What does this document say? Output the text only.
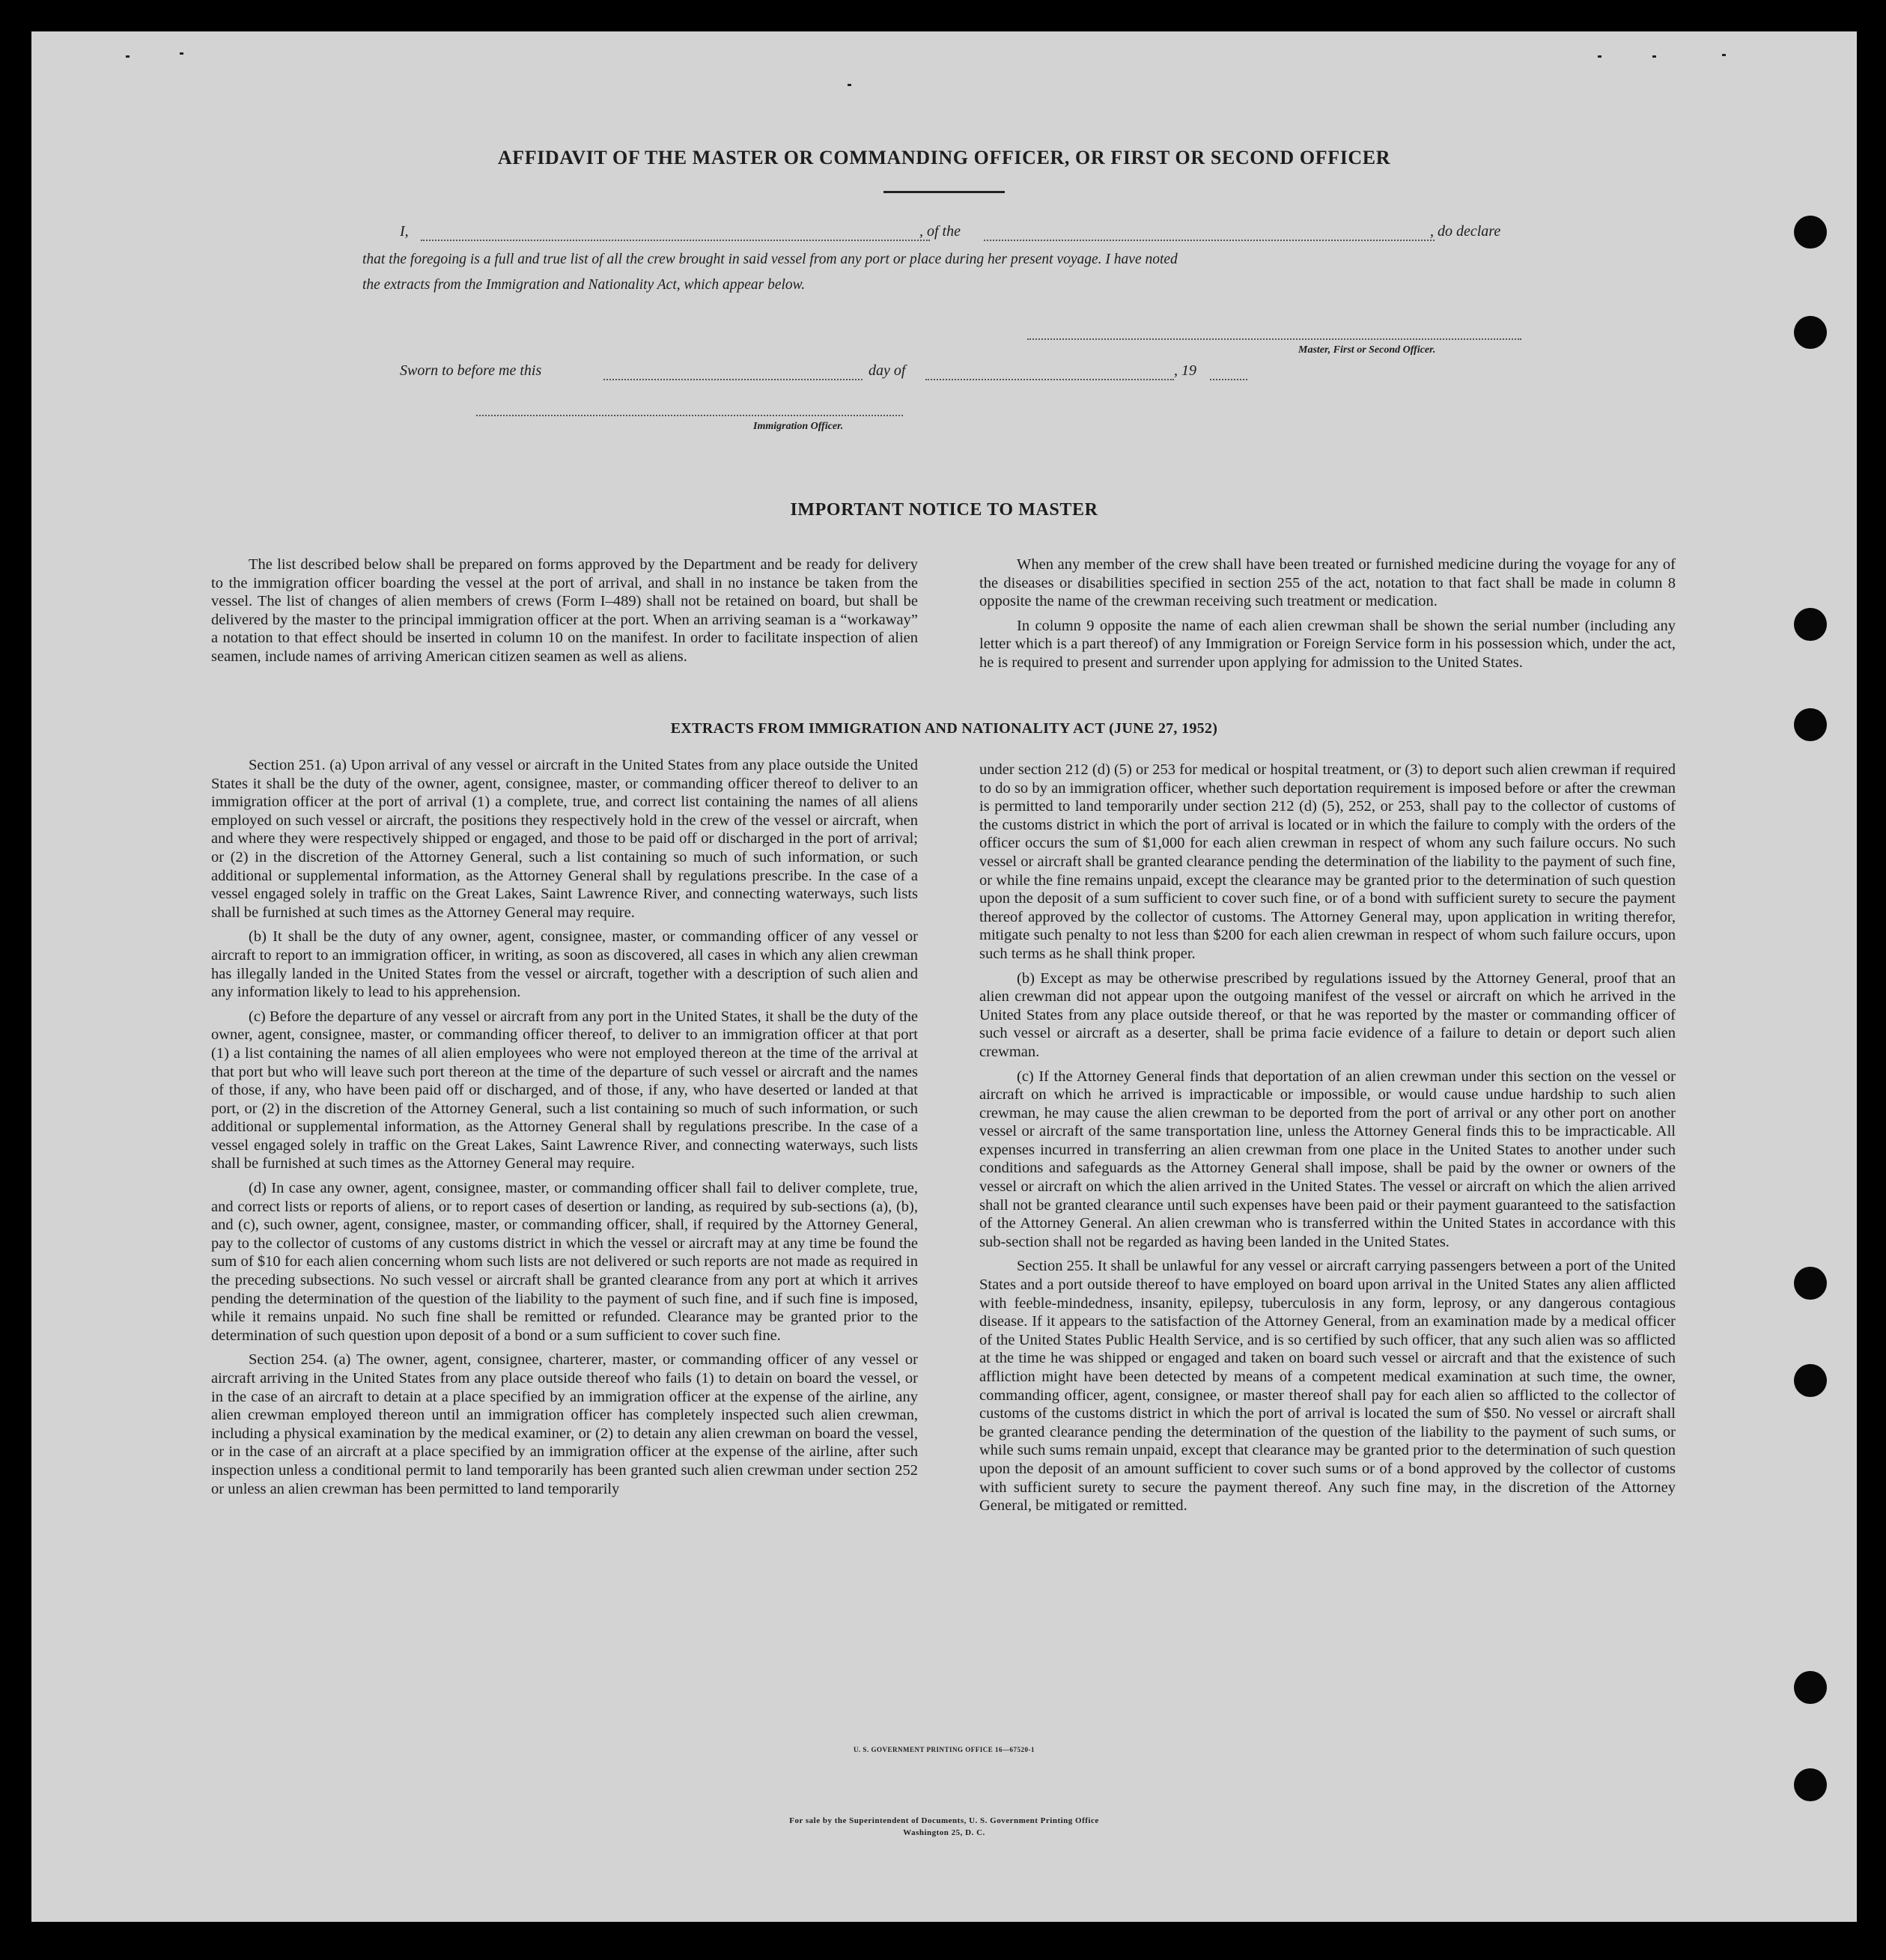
AFFIDAVIT OF THE MASTER OR COMMANDING OFFICER, OR FIRST OR SECOND OFFICER
I,	, of the	, do declare
that the foregoing is a full and true list of all the crew brought in said vessel from any port or place during her present voyage. I have noted
the extracts from the Immigration and Nationality Act, which appear below.
Master, First or Second Officer.
Sworn to before me this	day of	, 19
Immigration Officer.
IMPORTANT NOTICE TO MASTER

The list described below shall be prepared on forms approved by the Department and be ready for delivery to the immigration officer boarding the vessel at the port of arrival, and shall in no instance be taken from the vessel. The list of changes of alien members of crews (Form I–489) shall not be retained on board, but shall be delivered by the master to the principal immigration officer at the port. When an arriving seaman is a “workaway” a notation to that effect should be inserted in column 10 on the manifest. In order to facilitate inspection of alien seamen, include names of arriving American citizen seamen as well as aliens.

When any member of the crew shall have been treated or furnished medicine during the voyage for any of the diseases or disabilities specified in section 255 of the act, notation to that fact shall be made in column 8 opposite the name of the crewman receiving such treatment or medication.

In column 9 opposite the name of each alien crewman shall be shown the serial number (including any letter which is a part thereof) of any Immigration or Foreign Service form in his possession which, under the act, he is required to present and surrender upon applying for admission to the United States.

EXTRACTS FROM IMMIGRATION AND NATIONALITY ACT (JUNE 27, 1952)

Section 251. (a) Upon arrival of any vessel or aircraft in the United States from any place outside the United States it shall be the duty of the owner, agent, consignee, master, or commanding officer thereof to deliver to an immigration officer at the port of arrival (1) a complete, true, and correct list containing the names of all aliens employed on such vessel or aircraft, the positions they respectively hold in the crew of the vessel or aircraft, when and where they were respectively shipped or engaged, and those to be paid off or discharged in the port of arrival; or (2) in the discretion of the Attorney General, such a list containing so much of such information, or such additional or supplemental information, as the Attorney General shall by regulations prescribe. In the case of a vessel engaged solely in traffic on the Great Lakes, Saint Lawrence River, and connecting waterways, such lists shall be furnished at such times as the Attorney General may require.

(b) It shall be the duty of any owner, agent, consignee, master, or commanding officer of any vessel or aircraft to report to an immigration officer, in writing, as soon as discovered, all cases in which any alien crewman has illegally landed in the United States from the vessel or aircraft, together with a description of such alien and any information likely to lead to his apprehension.

(c) Before the departure of any vessel or aircraft from any port in the United States, it shall be the duty of the owner, agent, consignee, master, or commanding officer thereof, to deliver to an immigration officer at that port (1) a list containing the names of all alien employees who were not employed thereon at the time of the arrival at that port but who will leave such port thereon at the time of the departure of such vessel or aircraft and the names of those, if any, who have been paid off or discharged, and of those, if any, who have deserted or landed at that port, or (2) in the discretion of the Attorney General, such a list containing so much of such information, or such additional or supplemental information, as the Attorney General shall by regulations prescribe. In the case of a vessel engaged solely in traffic on the Great Lakes, Saint Lawrence River, and connecting waterways, such lists shall be furnished at such times as the Attorney General may require.

(d) In case any owner, agent, consignee, master, or commanding officer shall fail to deliver complete, true, and correct lists or reports of aliens, or to report cases of desertion or landing, as required by sub-sections (a), (b), and (c), such owner, agent, consignee, master, or commanding officer, shall, if required by the Attorney General, pay to the collector of customs of any customs district in which the vessel or aircraft may at any time be found the sum of $10 for each alien concerning whom such lists are not delivered or such reports are not made as required in the preceding subsections. No such vessel or aircraft shall be granted clearance from any port at which it arrives pending the determination of the question of the liability to the payment of such fine, and if such fine is imposed, while it remains unpaid. No such fine shall be remitted or refunded. Clearance may be granted prior to the determination of such question upon deposit of a bond or a sum sufficient to cover such fine.

Section 254. (a) The owner, agent, consignee, charterer, master, or commanding officer of any vessel or aircraft arriving in the United States from any place outside thereof who fails (1) to detain on board the vessel, or in the case of an aircraft to detain at a place specified by an immigration officer at the expense of the airline, any alien crewman employed thereon until an immigration officer has completely inspected such alien crewman, including a physical examination by the medical examiner, or (2) to detain any alien crewman on board the vessel, or in the case of an aircraft at a place specified by an immigration officer at the expense of the airline, after such inspection unless a conditional permit to land temporarily has been granted such alien crewman under section 252 or unless an alien crewman has been permitted to land temporarily

under section 212 (d) (5) or 253 for medical or hospital treatment, or (3) to deport such alien crewman if required to do so by an immigration officer, whether such deportation requirement is imposed before or after the crewman is permitted to land temporarily under section 212 (d) (5), 252, or 253, shall pay to the collector of customs of the customs district in which the port of arrival is located or in which the failure to comply with the orders of the officer occurs the sum of $1,000 for each alien crewman in respect of whom any such failure occurs. No such vessel or aircraft shall be granted clearance pending the determination of the liability to the payment of such fine, or while the fine remains unpaid, except the clearance may be granted prior to the determination of such question upon the deposit of a sum sufficient to cover such fine, or of a bond with sufficient surety to secure the payment thereof approved by the collector of customs. The Attorney General may, upon application in writing therefor, mitigate such penalty to not less than $200 for each alien crewman in respect of whom such failure occurs, upon such terms as he shall think proper.

(b) Except as may be otherwise prescribed by regulations issued by the Attorney General, proof that an alien crewman did not appear upon the outgoing manifest of the vessel or aircraft on which he arrived in the United States from any place outside thereof, or that he was reported by the master or commanding officer of such vessel or aircraft as a deserter, shall be prima facie evidence of a failure to detain or deport such alien crewman.

(c) If the Attorney General finds that deportation of an alien crewman under this section on the vessel or aircraft on which he arrived is impracticable or impossible, or would cause undue hardship to such alien crewman, he may cause the alien crewman to be deported from the port of arrival or any other port on another vessel or aircraft of the same transportation line, unless the Attorney General finds this to be impracticable. All expenses incurred in transferring an alien crewman from one place in the United States to another under such conditions and safeguards as the Attorney General shall impose, shall be paid by the owner or owners of the vessel or aircraft on which the alien arrived in the United States. The vessel or aircraft on which the alien arrived shall not be granted clearance until such expenses have been paid or their payment guaranteed to the satisfaction of the Attorney General. An alien crewman who is transferred within the United States in accordance with this sub-section shall not be regarded as having been landed in the United States.

Section 255. It shall be unlawful for any vessel or aircraft carrying passengers between a port of the United States and a port outside thereof to have employed on board upon arrival in the United States any alien afflicted with feeble-mindedness, insanity, epilepsy, tuberculosis in any form, leprosy, or any dangerous contagious disease. If it appears to the satisfaction of the Attorney General, from an examination made by a medical officer of the United States Public Health Service, and is so certified by such officer, that any such alien was so afflicted at the time he was shipped or engaged and taken on board such vessel or aircraft and that the existence of such affliction might have been detected by means of a competent medical examination at such time, the owner, commanding officer, agent, consignee, or master thereof shall pay for each alien so afflicted to the collector of customs of the customs district in which the port of arrival is located the sum of $50. No vessel or aircraft shall be granted clearance pending the determination of the question of the liability to the payment of such sums, or while such sums remain unpaid, except that clearance may be granted prior to the determination of such question upon the deposit of an amount sufficient to cover such sums or of a bond approved by the collector of customs with sufficient surety to secure the payment thereof. Any such fine may, in the discretion of the Attorney General, be mitigated or remitted.

U. S. GOVERNMENT PRINTING OFFICE 16—67520-1
For sale by the Superintendent of Documents, U. S. Government Printing Office
Washington 25, D. C.
